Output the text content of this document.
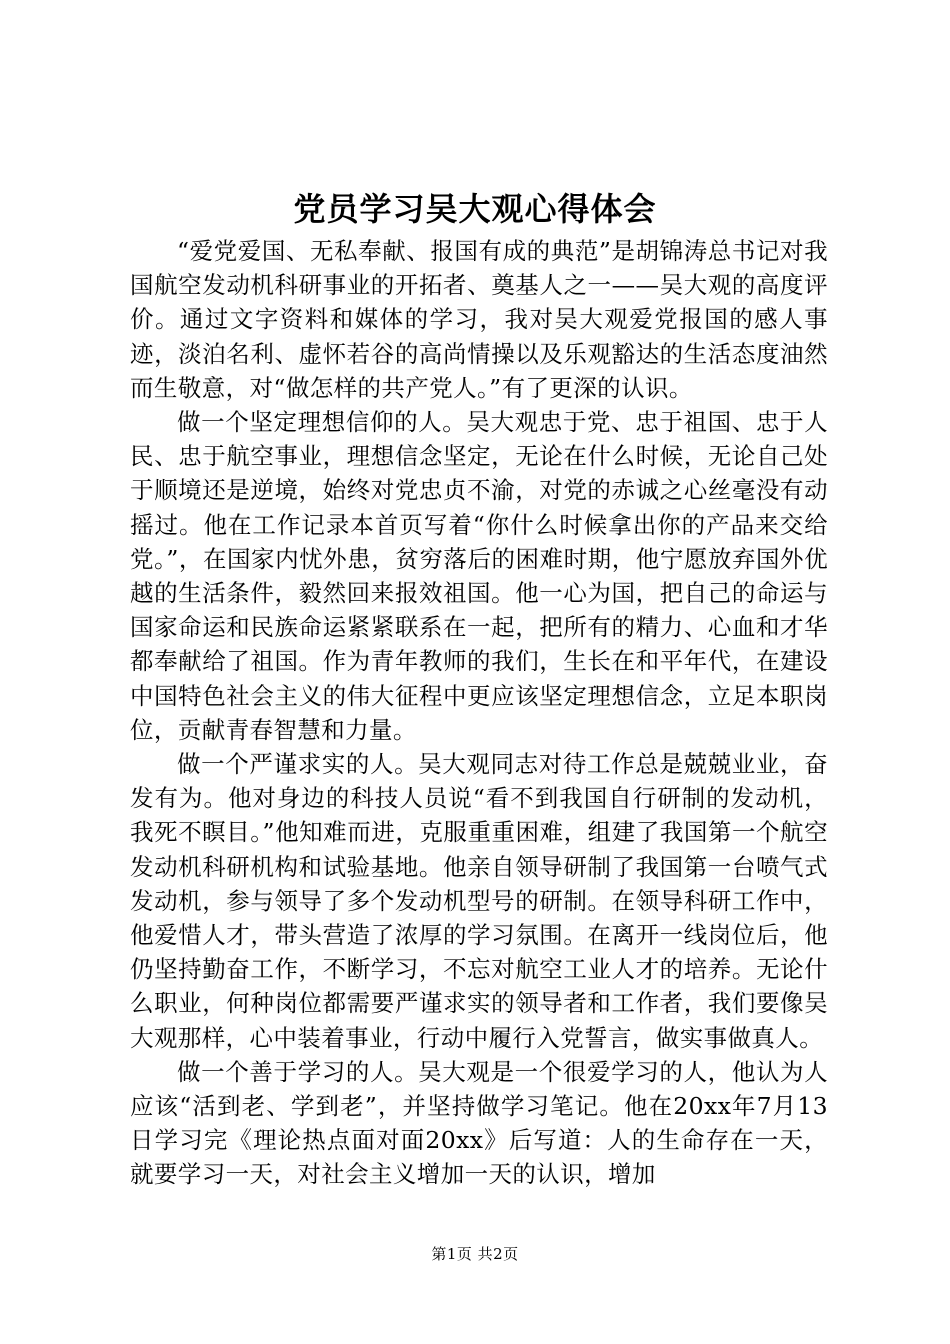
党员学习吴大观心得体会

“爱党爱国、无私奉献、报国有成的典范”是胡锦涛总书记对我国航空发动机科研事业的开拓者、奠基人之一——吴大观的高度评价。通过文字资料和媒体的学习，我对吴大观爱党报国的感人事迹，淡泊名利、虚怀若谷的高尚情操以及乐观豁达的生活态度油然而生敬意，对“做怎样的共产党人。”有了更深的认识。

做一个坚定理想信仰的人。吴大观忠于党、忠于祖国、忠于人民、忠于航空事业，理想信念坚定，无论在什么时候，无论自己处于顺境还是逆境，始终对党忠贞不渝，对党的赤诚之心丝毫没有动摇过。他在工作记录本首页写着“你什么时候拿出你的产品来交给党。”，在国家内忧外患，贫穷落后的困难时期，他宁愿放弃国外优越的生活条件，毅然回来报效祖国。他一心为国，把自己的命运与国家命运和民族命运紧紧联系在一起，把所有的精力、心血和才华都奉献给了祖国。作为青年教师的我们，生长在和平年代，在建设中国特色社会主义的伟大征程中更应该坚定理想信念，立足本职岗位，贡献青春智慧和力量。

做一个严谨求实的人。吴大观同志对待工作总是兢兢业业，奋发有为。他对身边的科技人员说“看不到我国自行研制的发动机，我死不瞑目。”他知难而进，克服重重困难，组建了我国第一个航空发动机科研机构和试验基地。他亲自领导研制了我国第一台喷气式发动机，参与领导了多个发动机型号的研制。在领导科研工作中，他爱惜人才，带头营造了浓厚的学习氛围。在离开一线岗位后，他仍坚持勤奋工作，不断学习，不忘对航空工业人才的培养。无论什么职业，何种岗位都需要严谨求实的领导者和工作者，我们要像吴大观那样，心中装着事业，行动中履行入党誓言，做实事做真人。

做一个善于学习的人。吴大观是一个很爱学习的人，他认为人应该“活到老、学到老”，并坚持做学习笔记。他在20xx年7月13日学习完《理论热点面对面20xx》后写道：人的生命存在一天，就要学习一天，对社会主义增加一天的认识，增加

第1页 共2页
